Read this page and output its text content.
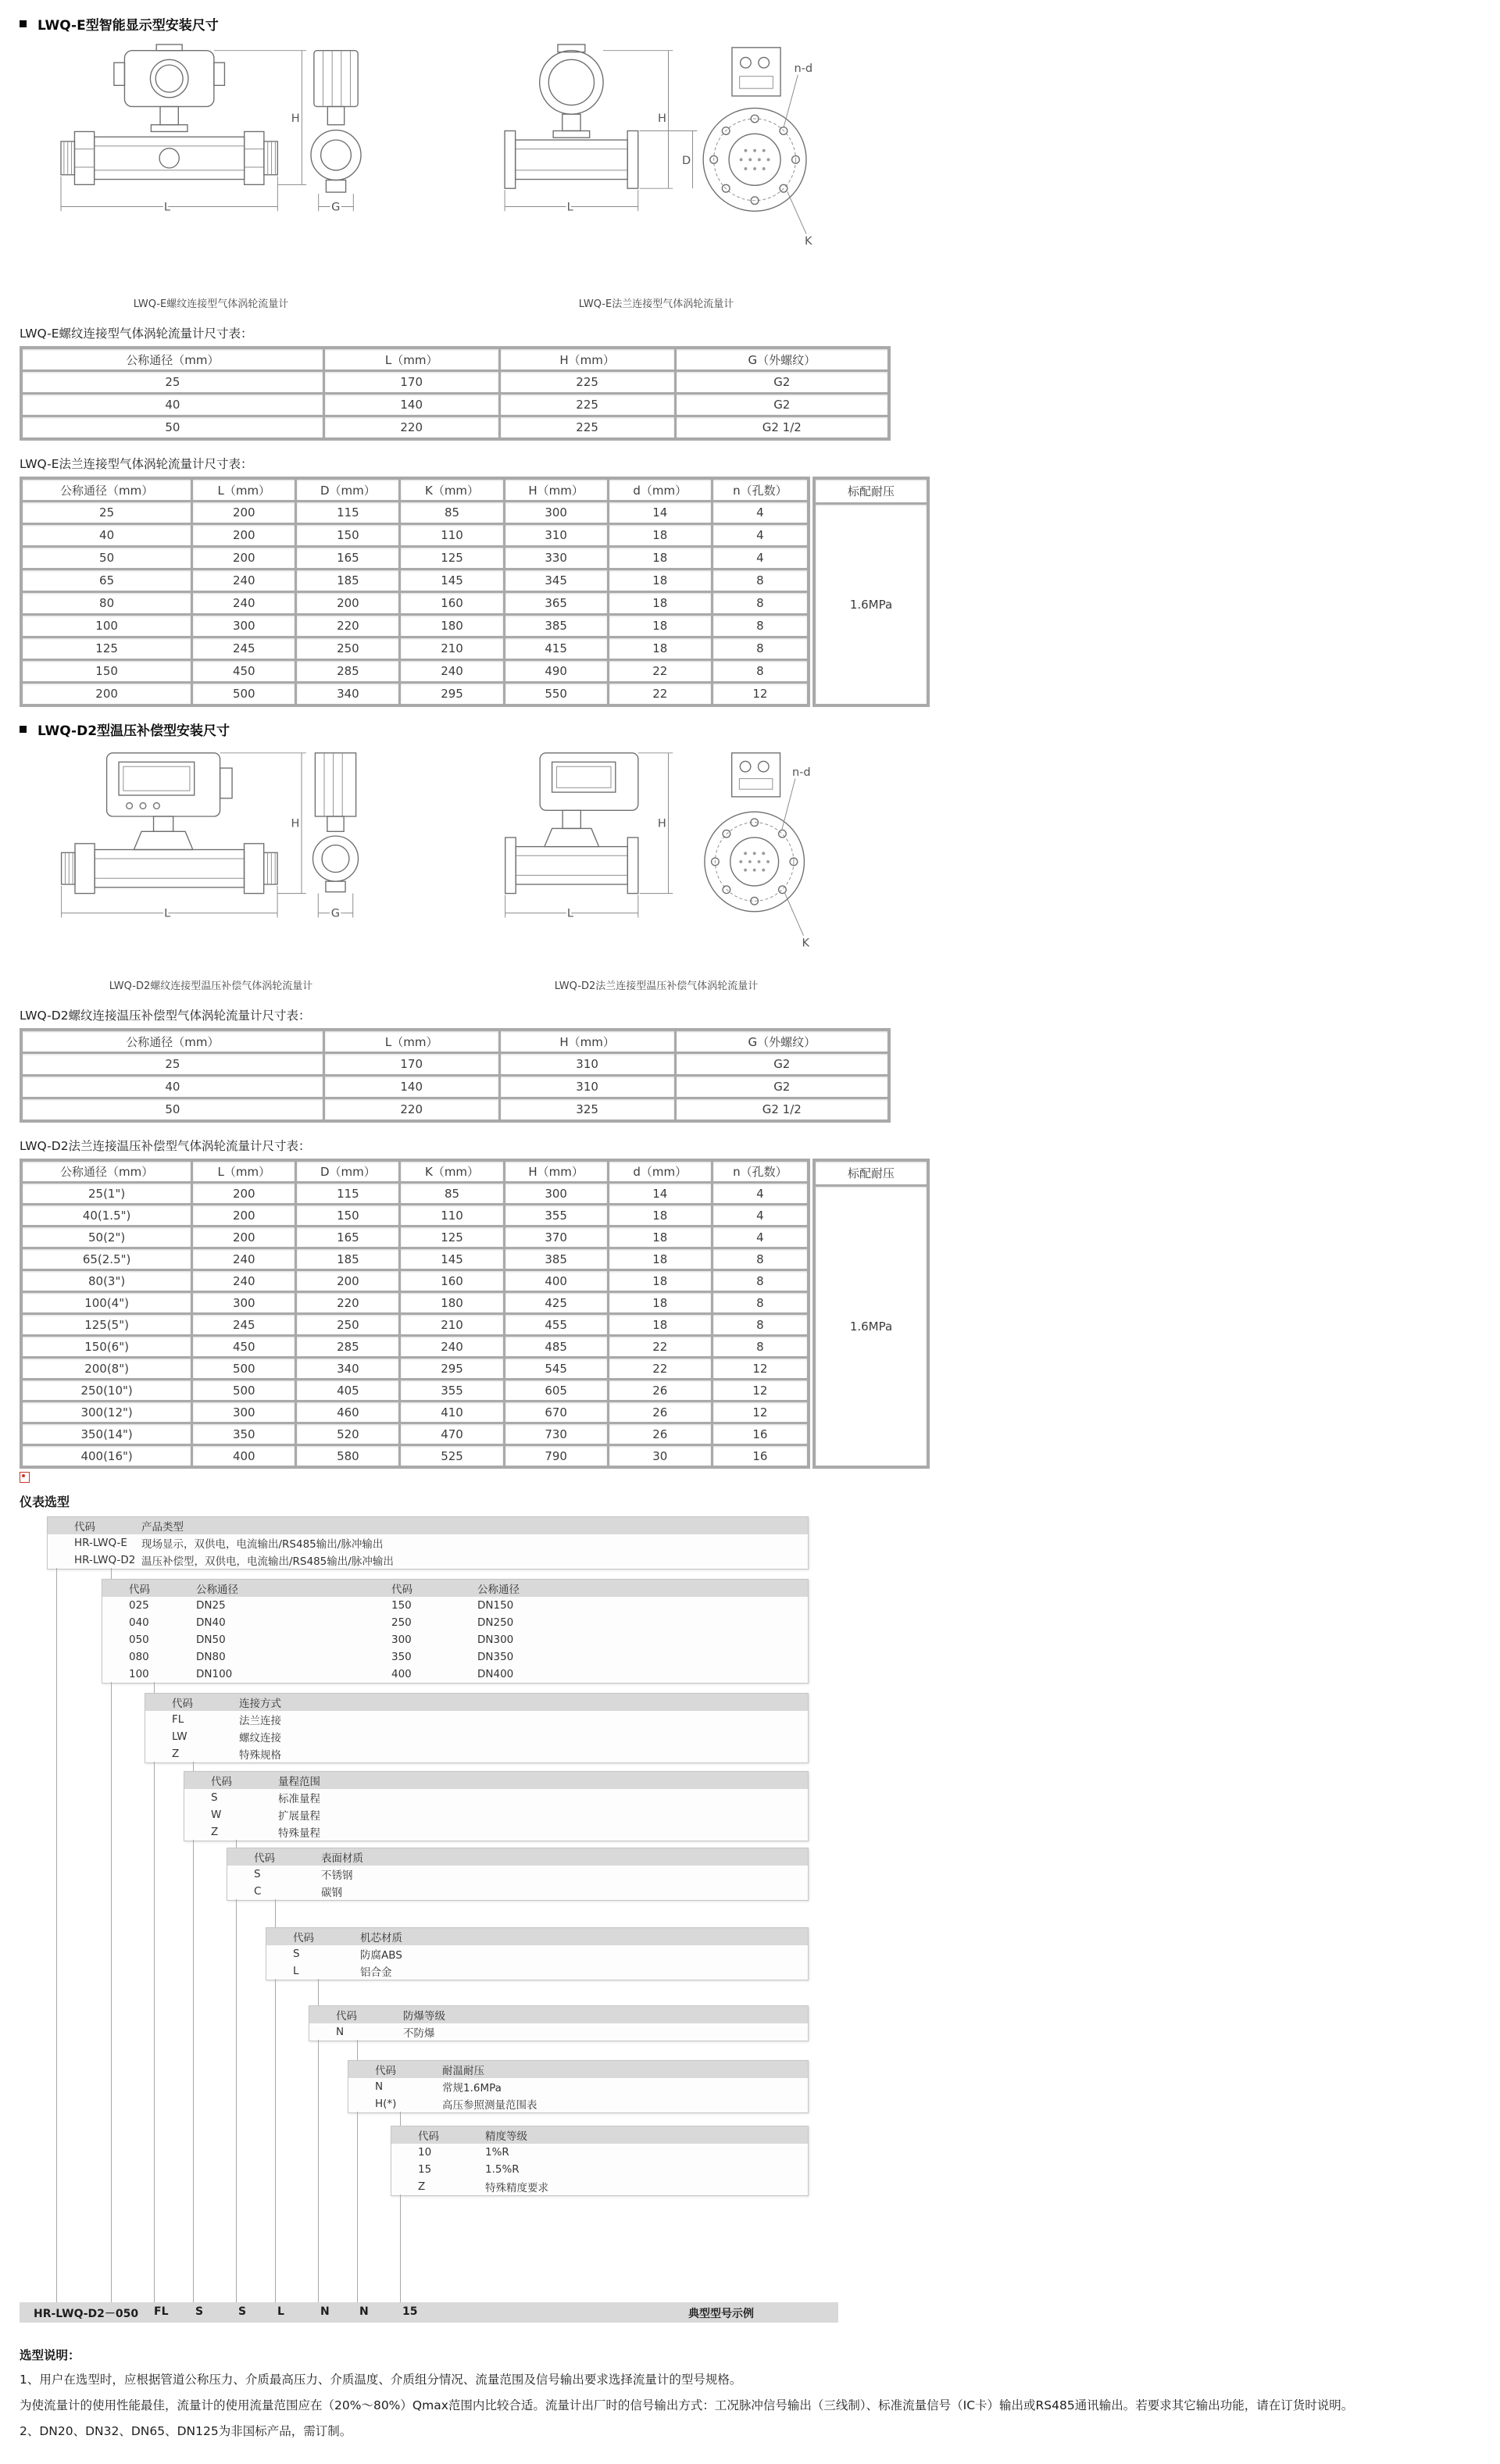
LWQ-E型智能显示型安装尺寸
H
L	G
LWQ-E螺纹连接型气体涡轮流量计
H
D
L
n-d
K
LWQ-E法兰连接型气体涡轮流量计
LWQ-E螺纹连接型气体涡轮流量计尺寸表：
公称通径（mm）	L（mm）	H（mm）	G（外螺纹）
25	170	225	G2
40	140	225	G2
50	220	225	G2 1/2
LWQ-E法兰连接型气体涡轮流量计尺寸表：
公称通径（mm）	L（mm）	D（mm）	K（mm）	H（mm）	d（mm）	n（孔数）
25	200	115	85	300	14	4
40	200	150	110	310	18	4
50	200	165	125	330	18	4
65	240	185	145	345	18	8
80	240	200	160	365	18	8
100	300	220	180	385	18	8
125	245	250	210	415	18	8
150	450	285	240	490	22	8
200	500	340	295	550	22	12
标配耐压
1.6MPa
LWQ-D2型温压补偿型安装尺寸
H
L	G
LWQ-D2螺纹连接型温压补偿气体涡轮流量计
H
L
n-d
K
LWQ-D2法兰连接型温压补偿气体涡轮流量计
LWQ-D2螺纹连接温压补偿型气体涡轮流量计尺寸表：
公称通径（mm）	L（mm）	H（mm）	G（外螺纹）
25	170	310	G2
40	140	310	G2
50	220	325	G2 1/2
LWQ-D2法兰连接温压补偿型气体涡轮流量计尺寸表：
公称通径（mm）	L（mm）	D（mm）	K（mm）	H（mm）	d（mm）	n（孔数）
25(1")	200	115	85	300	14	4
40(1.5")	200	150	110	355	18	4
50(2")	200	165	125	370	18	4
65(2.5")	240	185	145	385	18	8
80(3")	240	200	160	400	18	8
100(4")	300	220	180	425	18	8
125(5")	245	250	210	455	18	8
150(6")	450	285	240	485	22	8
200(8")	500	340	295	545	22	12
250(10")	500	405	355	605	26	12
300(12")	300	460	410	670	26	12
350(14")	350	520	470	730	26	16
400(16")	400	580	525	790	30	16
标配耐压
1.6MPa
仪表选型
代码	产品类型
HR-LWQ-E	现场显示，双供电，电流输出/RS485输出/脉冲输出
HR-LWQ-D2 温压补偿型，双供电，电流输出/RS485输出/脉冲输出
代码	公称通径	代码	公称通径
025	DN25	150	DN150
040	DN40	250	DN250
050	DN50	300	DN300
080	DN80	350	DN350
100	DN100	400	DN400
代码	连接方式
FL	法兰连接
LW	螺纹连接
Z	特殊规格
代码	量程范围
S	标准量程
W	扩展量程
Z	特殊量程
代码	表面材质
S	不锈钢
C	碳钢
代码	机芯材质
S	防腐ABS
L	铝合金
代码	防爆等级
N	不防爆
代码	耐温耐压
N	常规1.6MPa
H(*)	高压参照测量范围表
代码	精度等级
10	1%R
15	1.5%R
Z	特殊精度要求
HR-LWQ-D2－050 FL S	S	L	N	N	15	典型型号示例
选型说明：
1、用户在选型时，应根据管道公称压力、介质最高压力、介质温度、介质组分情况、流量范围及信号输出要求选择流量计的型号规格。
为使流量计的使用性能最佳，流量计的使用流量范围应在（20%～80%）Qmax范围内比较合适。流量计出厂时的信号输出方式：工况脉冲信号输出（三线制）、标准流量信号（IC卡）输出或RS485通讯输出。若要求其它输出功能，请在订货时说明。
2、DN20、DN32、DN65、DN125为非国标产品，需订制。
